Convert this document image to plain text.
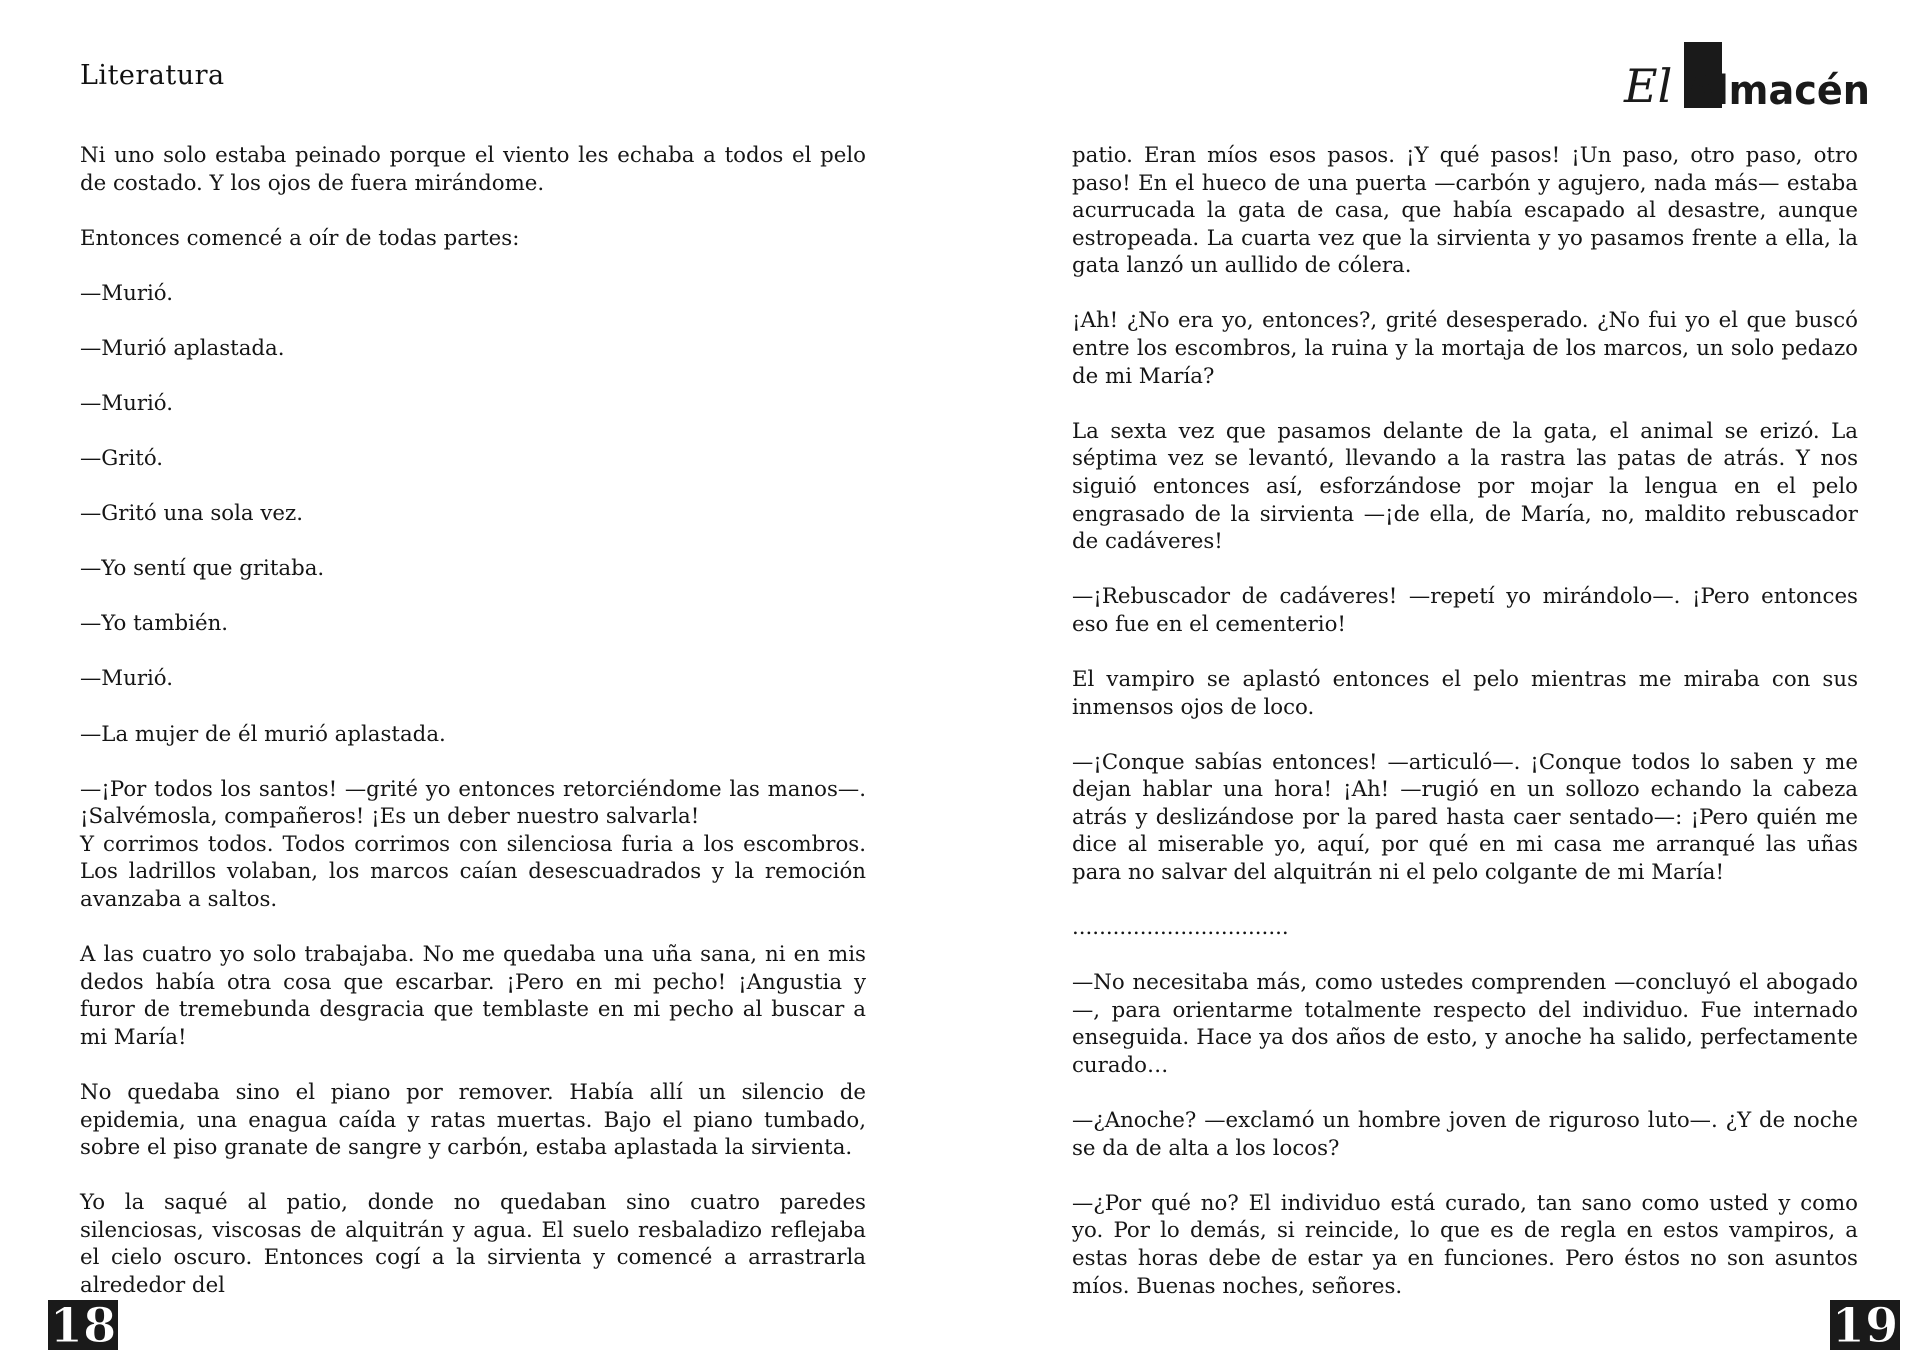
Literatura

Ni uno solo estaba peinado porque el viento les echaba a todos el pelo de costado. Y los ojos de fuera mirándome.

Entonces comencé a oír de todas partes:

—Murió.

—Murió aplastada.

—Murió.

—Gritó.

—Gritó una sola vez.

—Yo sentí que gritaba.

—Yo también.

—Murió.

—La mujer de él murió aplastada.

—¡Por todos los santos! —grité yo entonces retorciéndome las manos—. ¡Salvémosla, compañeros! ¡Es un deber nuestro salvarla!

Y corrimos todos. Todos corrimos con silenciosa furia a los escombros. Los ladrillos volaban, los marcos caían desescuadrados y la remoción avanzaba a saltos.

A las cuatro yo solo trabajaba. No me quedaba una uña sana, ni en mis dedos había otra cosa que escarbar. ¡Pero en mi pecho! ¡Angustia y furor de tremebunda desgracia que temblaste en mi pecho al buscar a mi María!

No quedaba sino el piano por remover. Había allí un silencio de epidemia, una enagua caída y ratas muertas. Bajo el piano tumbado, sobre el piso granate de sangre y carbón, estaba aplastada la sirvienta.

Yo la saqué al patio, donde no quedaban sino cuatro paredes silenciosas, viscosas de alquitrán y agua. El suelo resbaladizo reflejaba el cielo oscuro. Entonces cogí a la sirvienta y comencé a arrastrarla alrededor del

18
El Almacén

patio. Eran míos esos pasos. ¡Y qué pasos! ¡Un paso, otro paso, otro paso! En el hueco de una puerta —carbón y agujero, nada más— estaba acurrucada la gata de casa, que había escapado al desastre, aunque estropeada. La cuarta vez que la sirvienta y yo pasamos frente a ella, la gata lanzó un aullido de cólera.

¡Ah! ¿No era yo, entonces?, grité desesperado. ¿No fui yo el que buscó entre los escombros, la ruina y la mortaja de los marcos, un solo pedazo de mi María?

La sexta vez que pasamos delante de la gata, el animal se erizó. La séptima vez se levantó, llevando a la rastra las patas de atrás. Y nos siguió entonces así, esforzándose por mojar la lengua en el pelo engrasado de la sirvienta —¡de ella, de María, no, maldito rebuscador de cadáveres!

—¡Rebuscador de cadáveres! —repetí yo mirándolo—. ¡Pero entonces eso fue en el cementerio!

El vampiro se aplastó entonces el pelo mientras me miraba con sus inmensos ojos de loco.

—¡Conque sabías entonces! —articuló—. ¡Conque todos lo saben y me dejan hablar una hora! ¡Ah! —rugió en un sollozo echando la cabeza atrás y deslizándose por la pared hasta caer sentado—: ¡Pero quién me dice al miserable yo, aquí, por qué en mi casa me arranqué las uñas para no salvar del alquitrán ni el pelo colgante de mi María!

................................

—No necesitaba más, como ustedes comprenden —concluyó el abogado—, para orientarme totalmente respecto del individuo. Fue internado enseguida. Hace ya dos años de esto, y anoche ha salido, perfectamente curado…

—¿Anoche? —exclamó un hombre joven de riguroso luto—. ¿Y de noche se da de alta a los locos?

—¿Por qué no? El individuo está curado, tan sano como usted y como yo. Por lo demás, si reincide, lo que es de regla en estos vampiros, a estas horas debe de estar ya en funciones. Pero éstos no son asuntos míos. Buenas noches, señores.

19
